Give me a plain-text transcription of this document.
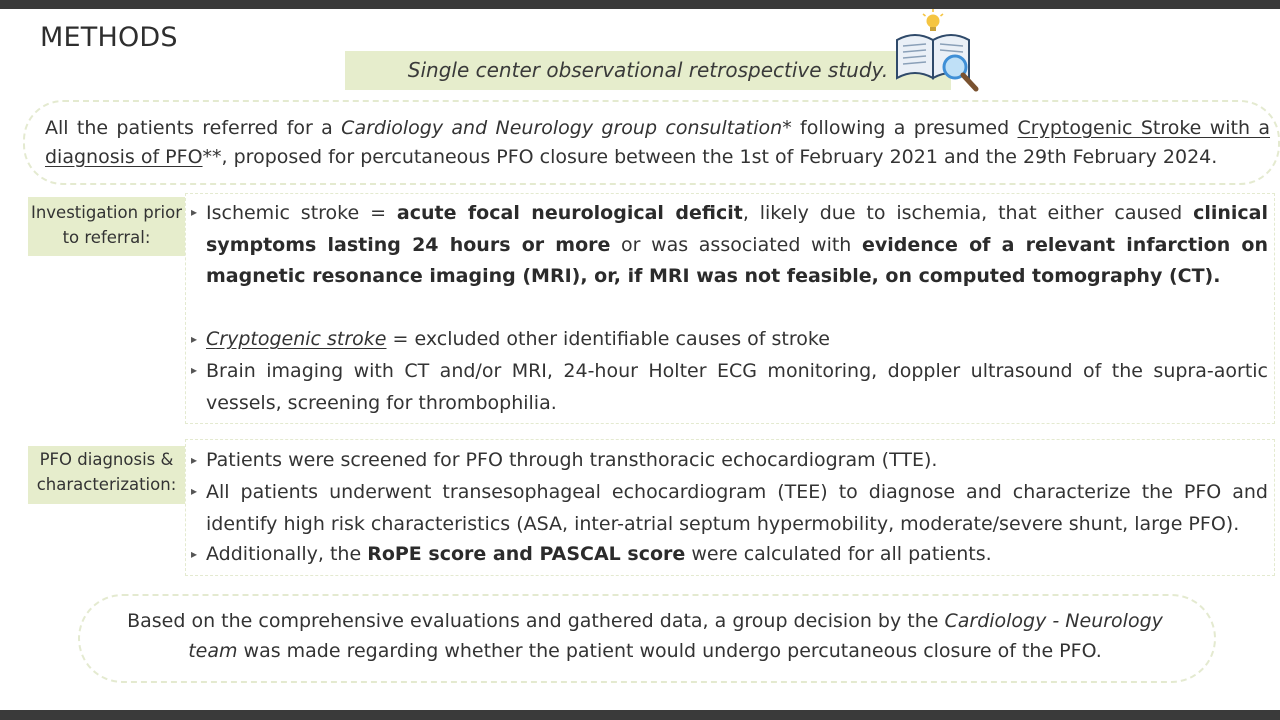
METHODS
Single center observational retrospective study.

All the patients referred for a Cardiology and Neurology group consultation* following a presumed Cryptogenic Stroke with a diagnosis of PFO**, proposed for percutaneous PFO closure between the 1st of February 2021 and the 29th February 2024.

Investigation prior to referral:
▸ Ischemic stroke = acute focal neurological deficit, likely due to ischemia, that either caused clinical symptoms lasting 24 hours or more or was associated with evidence of a relevant infarction on magnetic resonance imaging (MRI), or, if MRI was not feasible, on computed tomography (CT).

▸ Cryptogenic stroke = excluded other identifiable causes of stroke

▸ Brain imaging with CT and/or MRI, 24-hour Holter ECG monitoring, doppler ultrasound of the supra-aortic vessels, screening for thrombophilia.

PFO diagnosis & characterization:
▸ Patients were screened for PFO through transthoracic echocardiogram (TTE).

▸ All patients underwent transesophageal echocardiogram (TEE) to diagnose and characterize the PFO and identify high risk characteristics (ASA, inter-atrial septum hypermobility, moderate/severe shunt, large PFO).

▸ Additionally, the RoPE score and PASCAL score were calculated for all patients.

Based on the comprehensive evaluations and gathered data, a group decision by the Cardiology - Neurology team was made regarding whether the patient would undergo percutaneous closure of the PFO.
